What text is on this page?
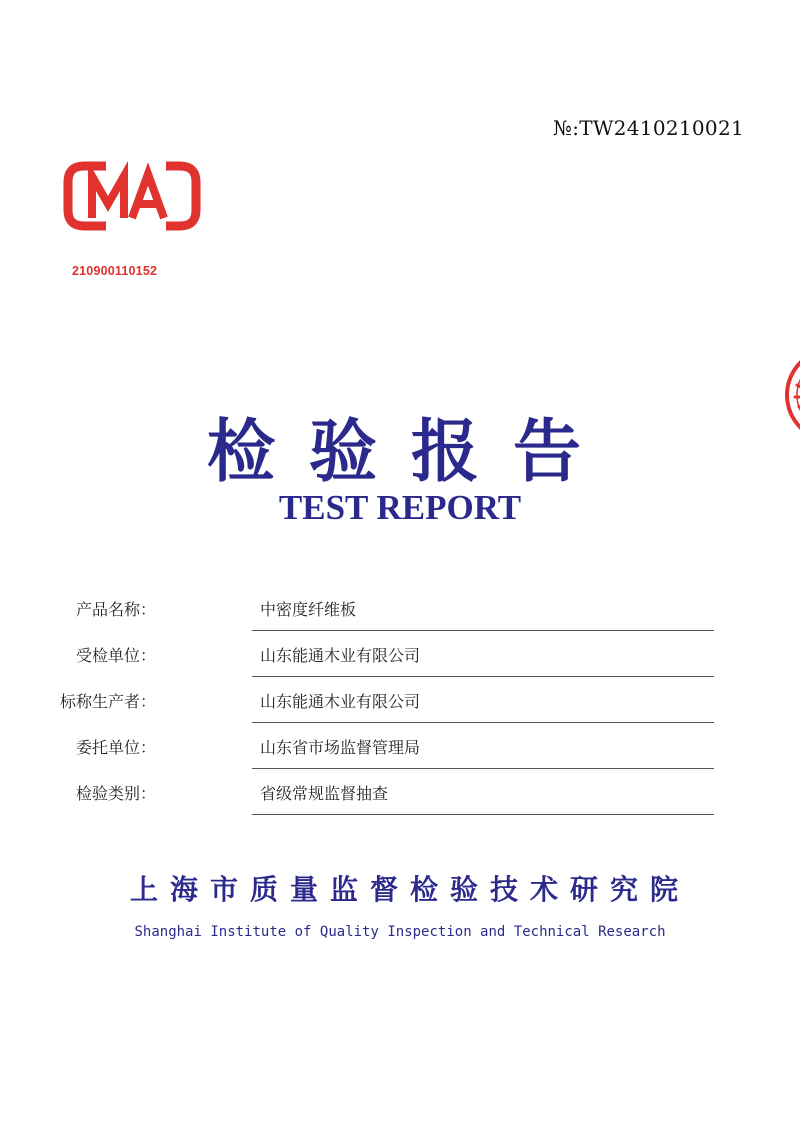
№:TW2410210021
210900110152
检验报告
TEST REPORT
产品名称：	中密度纤维板
受检单位：	山东能通木业有限公司
标称生产者：	山东能通木业有限公司
委托单位：	山东省市场监督管理局
检验类别：	省级常规监督抽查
上海市质量监督检验技术研究院
Shanghai Institute of Quality Inspection and Technical Research
